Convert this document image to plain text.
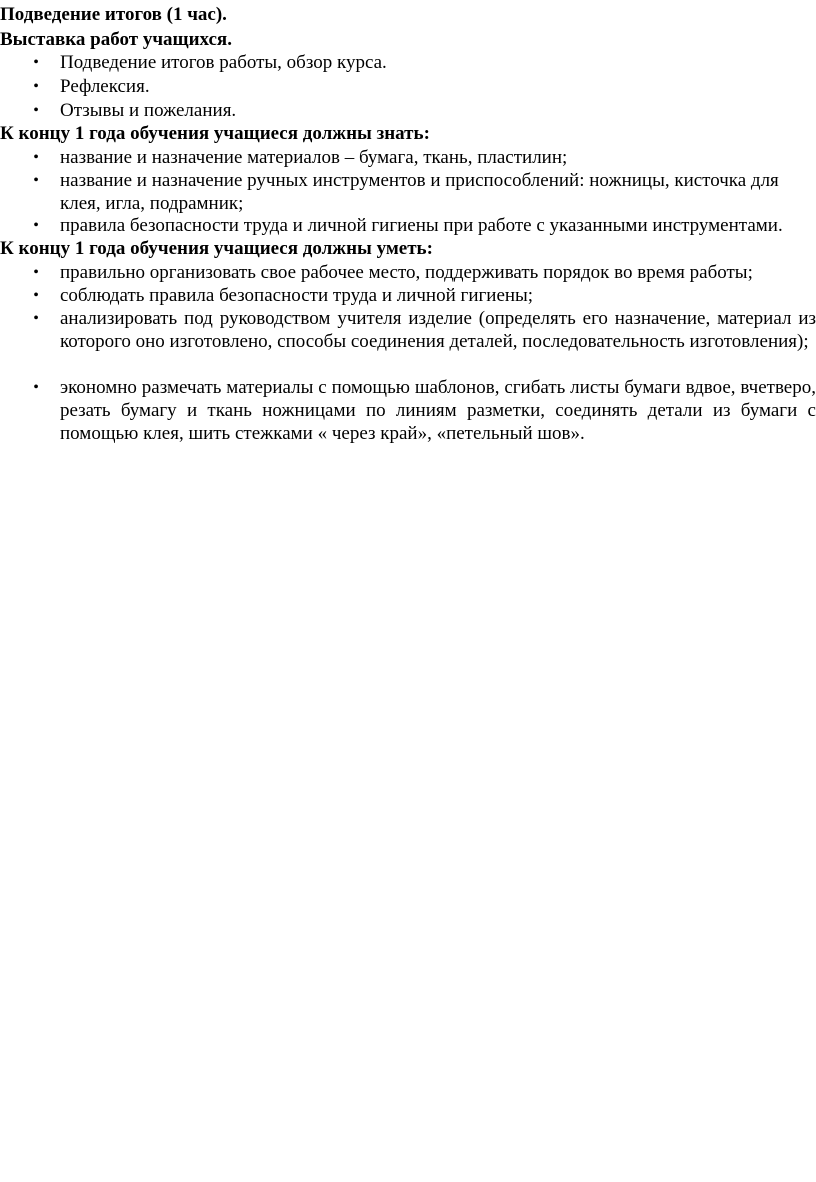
Подведение итогов (1 час).

Выставка работ учащихся.

• Подведение итогов работы, обзор курса.
• Рефлексия.
• Отзывы и пожелания.

К концу 1 года обучения учащиеся должны знать:

• название и назначение материалов – бумага, ткань, пластилин;
• название и назначение ручных инструментов и приспособлений: ножницы, кисточка для клея, игла, подрамник;
• правила безопасности труда и личной гигиены при работе с указанными инструментами.

К концу 1 года обучения учащиеся должны уметь:

• правильно организовать свое рабочее место, поддерживать порядок во время работы;
• соблюдать правила безопасности труда и личной гигиены;
• анализировать под руководством учителя изделие (определять его назначение, материал из которого оно изготовлено, способы соединения деталей, последовательность изготовления);
• экономно размечать материалы с помощью шаблонов, сгибать листы бумаги вдвое, вчетверо, резать бумагу и ткань ножницами по линиям разметки, соединять детали из бумаги с помощью клея, шить стежками « через край», «петельный шов».
